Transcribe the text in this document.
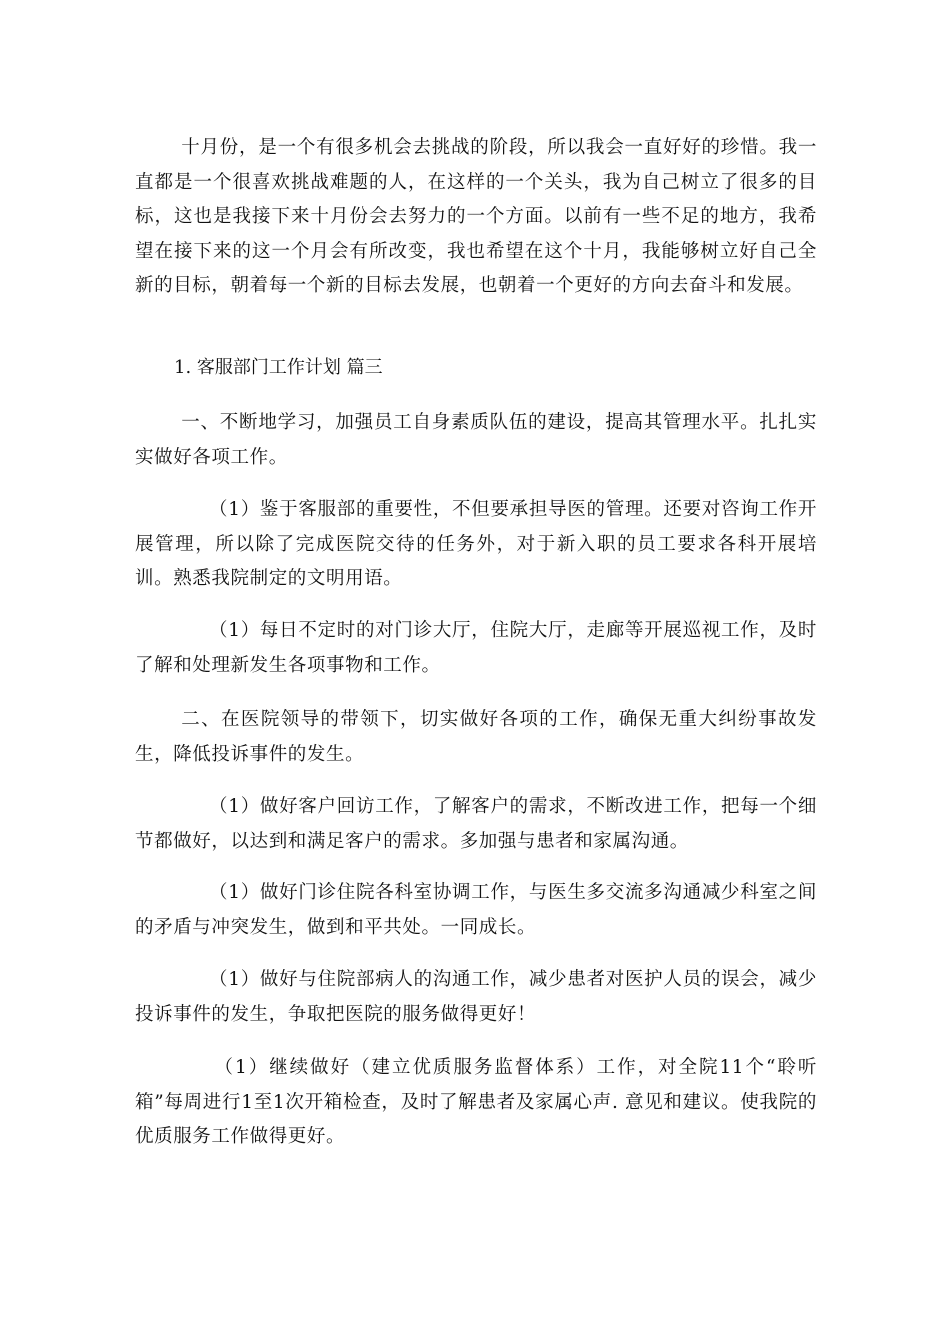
十月份，是一个有很多机会去挑战的阶段，所以我会一直好好的珍惜。我一直都是一个很喜欢挑战难题的人，在这样的一个关头，我为自己树立了很多的目标，这也是我接下来十月份会去努力的一个方面。以前有一些不足的地方，我希望在接下来的这一个月会有所改变，我也希望在这个十月，我能够树立好自己全新的目标，朝着每一个新的目标去发展，也朝着一个更好的方向去奋斗和发展。

1. 客服部门工作计划 篇三

一、不断地学习，加强员工自身素质队伍的建设，提高其管理水平。扎扎实实做好各项工作。

（1）鉴于客服部的重要性，不但要承担导医的管理。还要对咨询工作开展管理，所以除了完成医院交待的任务外，对于新入职的员工要求各科开展培训。熟悉我院制定的文明用语。

（1）每日不定时的对门诊大厅，住院大厅，走廊等开展巡视工作，及时了解和处理新发生各项事物和工作。

二、在医院领导的带领下，切实做好各项的工作，确保无重大纠纷事故发生，降低投诉事件的发生。

（1）做好客户回访工作，了解客户的需求，不断改进工作，把每一个细节都做好，以达到和满足客户的需求。多加强与患者和家属沟通。

（1）做好门诊住院各科室协调工作，与医生多交流多沟通减少科室之间的矛盾与冲突发生，做到和平共处。一同成长。

（1）做好与住院部病人的沟通工作，减少患者对医护人员的误会，减少投诉事件的发生，争取把医院的服务做得更好！

（1）继续做好（建立优质服务监督体系）工作，对全院11个“聆听箱”每周进行1至1次开箱检查，及时了解患者及家属心声. 意见和建议。使我院的优质服务工作做得更好。
